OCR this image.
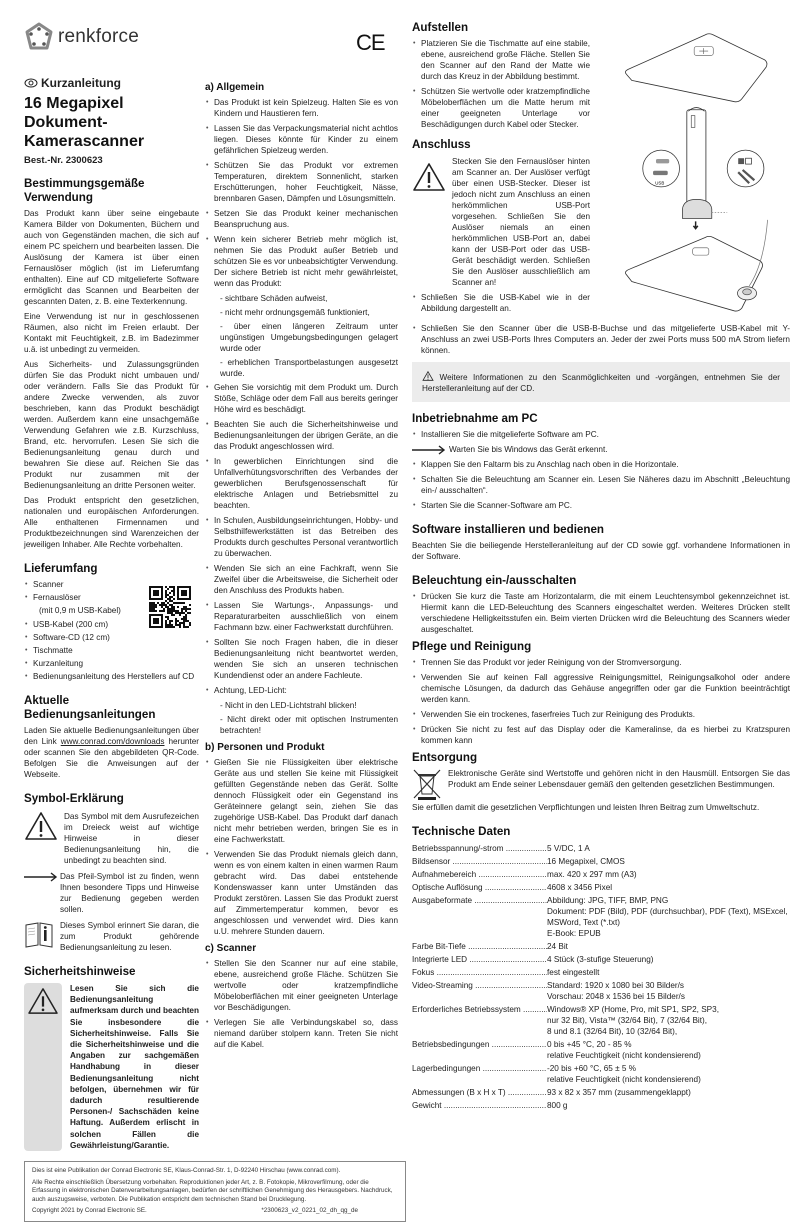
renkforce	CE
Kurzanleitung
16 Megapixel Dokument-Kamerascanner
Best.-Nr. 2300623
Bestimmungsgemäße Verwendung

Das Produkt kann über seine eingebaute Kamera Bilder von Dokumenten, Büchern und auch von Gegenständen machen, die sich auf einem PC speichern und bearbeiten lassen. Die Auslösung der Kamera ist über einen Fernauslöser möglich (ist im Lieferumfang enthalten). Eine auf CD mitgelieferte Software ermöglicht das Scannen und Bearbeiten der gescannten Daten, z. B. eine Texterkennung.

Eine Verwendung ist nur in geschlossenen Räumen, also nicht im Freien erlaubt. Der Kontakt mit Feuchtigkeit, z.B. im Badezimmer u.ä. ist unbedingt zu vermeiden.

Aus Sicherheits- und Zulassungsgründen dürfen Sie das Produkt nicht umbauen und/ oder verändern. Falls Sie das Produkt für andere Zwecke verwenden, als zuvor beschrieben, kann das Produkt beschädigt werden. Außerdem kann eine unsachgemäße Verwendung Gefahren wie z.B. Kurzschluss, Brand, etc. hervorrufen. Lesen Sie sich die Bedienungsanleitung genau durch und bewahren Sie diese auf. Reichen Sie das Produkt nur zusammen mit der Bedienungsanleitung an dritte Personen weiter.

Das Produkt entspricht den gesetzlichen, nationalen und europäischen Anforderungen. Alle enthaltenen Firmennamen und Produktbezeichnungen sind Warenzeichen der jeweiligen Inhaber. Alle Rechte vorbehalten.

Lieferumfang
• Scanner
• Fernauslöser
(mit 0,9 m USB-Kabel)
• USB-Kabel (200 cm)
• Software-CD (12 cm)
• Tischmatte
• Kurzanleitung
• Bedienungsanleitung des Herstellers auf CD
Aktuelle Bedienungsanleitungen

Laden Sie aktuelle Bedienungsanleitungen über den Link www.conrad.com/downloads herunter oder scannen Sie den abgebildeten QR-Code. Befolgen Sie die Anweisungen auf der Webseite.

Symbol-Erklärung

Das Symbol mit dem Ausrufezeichen im Dreieck weist auf wichtige Hinweise in dieser Bedienungsanleitung hin, die unbedingt zu beachten sind.

Das Pfeil-Symbol ist zu finden, wenn Ihnen besondere Tipps und Hinweise zur Bedienung gegeben werden sollen.

Dieses Symbol erinnert Sie daran, die zum Produkt gehörende Bedienungsanleitung zu lesen.

Sicherheitshinweise

Lesen Sie sich die Bedienungsanleitung aufmerksam durch und beachten Sie insbesondere die Sicherheitshinweise. Falls Sie die Sicherheitshinweise und die Angaben zur sachgemäßen Handhabung in dieser Bedienungsanleitung nicht befolgen, übernehmen wir für dadurch resultierende Personen-/ Sachschäden keine Haftung. Außerdem erlischt in solchen Fällen die Gewährleistung/Garantie.

a) Allgemein
• Das Produkt ist kein Spielzeug. Halten Sie es von Kindern und Haustieren fern.
• Lassen Sie das Verpackungsmaterial nicht achtlos liegen. Dieses könnte für Kinder zu einem gefährlichen Spielzeug werden.
• Schützen Sie das Produkt vor extremen Temperaturen, direktem Sonnenlicht, starken Erschütterungen, hoher Feuchtigkeit, Nässe, brennbaren Gasen, Dämpfen und Lösungsmitteln.
• Setzen Sie das Produkt keiner mechanischen Beanspruchung aus.
• Wenn kein sicherer Betrieb mehr möglich ist, nehmen Sie das Produkt außer Betrieb und schützen Sie es vor unbeabsichtigter Verwendung. Der sichere Betrieb ist nicht mehr gewährleistet, wenn das Produkt:
- sichtbare Schäden aufweist,
- nicht mehr ordnungsgemäß funktioniert,
- über einen längeren Zeitraum unter ungünstigen Umgebungsbedingungen gelagert wurde oder
- erheblichen Transportbelastungen ausgesetzt wurde.
• Gehen Sie vorsichtig mit dem Produkt um. Durch Stöße, Schläge oder dem Fall aus bereits geringer Höhe wird es beschädigt.
• Beachten Sie auch die Sicherheitshinweise und Bedienungsanleitungen der übrigen Geräte, an die das Produkt angeschlossen wird.
• In gewerblichen Einrichtungen sind die Unfallverhütungsvorschriften des Verbandes der gewerblichen Berufsgenossenschaft für elektrische Anlagen und Betriebsmittel zu beachten.
• In Schulen, Ausbildungseinrichtungen, Hobby- und Selbsthilfewerkstätten ist das Betreiben des Produkts durch geschultes Personal verantwortlich zu überwachen.
• Wenden Sie sich an eine Fachkraft, wenn Sie Zweifel über die Arbeitsweise, die Sicherheit oder den Anschluss des Produkts haben.
• Lassen Sie Wartungs-, Anpassungs- und Reparaturarbeiten ausschließlich von einem Fachmann bzw. einer Fachwerkstatt durchführen.
• Sollten Sie noch Fragen haben, die in dieser Bedienungsanleitung nicht beantwortet werden, wenden Sie sich an unseren technischen Kundendienst oder an andere Fachleute.
• Achtung, LED-Licht:
- Nicht in den LED-Lichtstrahl blicken!
- Nicht direkt oder mit optischen Instrumenten betrachten!
b) Personen und Produkt
• Gießen Sie nie Flüssigkeiten über elektrische Geräte aus und stellen Sie keine mit Flüssigkeit gefüllten Gegenstände neben das Gerät. Sollte dennoch Flüssigkeit oder ein Gegenstand ins Geräteinnere gelangt sein, ziehen Sie das zugehörige USB-Kabel. Das Produkt darf danach nicht mehr betrieben werden, bringen Sie es in eine Fachwerkstatt.
• Verwenden Sie das Produkt niemals gleich dann, wenn es von einem kalten in einen warmen Raum gebracht wird. Das dabei entstehende Kondenswasser kann unter Umständen das Produkt zerstören. Lassen Sie das Produkt zuerst auf Zimmertemperatur kommen, bevor es angeschlossen und verwendet wird. Dies kann u.U. mehrere Stunden dauern.
c) Scanner
• Stellen Sie den Scanner nur auf eine stabile, ebene, ausreichend große Fläche. Schützen Sie wertvolle oder kratzempfindliche Möbeloberflächen mit einer geeigneten Unterlage vor Beschädigungen.
• Verlegen Sie alle Verbindungskabel so, dass niemand darüber stolpern kann. Treten Sie nicht auf die Kabel.
Dies ist eine Publikation der Conrad Electronic SE, Klaus-Conrad-Str. 1, D-92240 Hirschau (www.conrad.com).
Alle Rechte einschließlich Übersetzung vorbehalten. Reproduktionen jeder Art, z. B. Fotokopie, Mikroverfilmung, oder die Erfassung in elektronischen Datenverarbeitungsanlagen, bedürfen der schriftlichen Genehmigung des Herausgebers. Nachdruck, auch auszugsweise, verboten. Die Publikation entspricht dem technischen Stand bei Drucklegung.
Copyright 2021 by Conrad Electronic SE.	*2300623_v2_0221_02_dh_qg_de
Aufstellen
• Platzieren Sie die Tischmatte auf eine stabile, ebene, ausreichend große Fläche. Stellen Sie den Scanner auf den Rand der Matte wie durch das Kreuz in der Abbildung bestimmt.
• Schützen Sie wertvolle oder kratzempfindliche Möbeloberflächen um die Matte herum mit einer geeigneten Unterlage vor Beschädigungen durch Kabel oder Stecker.
Anschluss

Stecken Sie den Fernauslöser hinten am Scanner an. Der Auslöser verfügt über einen USB-Stecker. Dieser ist jedoch nicht zum Anschluss an einen herkömmlichen USB-Port vorgesehen. Schließen Sie den Auslöser niemals an einen herkömmlichen USB-Port an, dabei kann der USB-Port oder das USB-Gerät beschädigt werden. Schließen Sie den Auslöser ausschließlich am Scanner an!

• Schließen Sie die USB-Kabel wie in der Abbildung dargestellt an.
USB
• Schließen Sie den Scanner über die USB-B-Buchse und das mitgelieferte USB-Kabel mit Y-Anschluss an zwei USB-Ports Ihres Computers an. Jeder der zwei Ports muss 500 mA Strom liefern können.

Weitere Informationen zu den Scanmöglichkeiten und -vorgängen, entnehmen Sie der Herstelleranleitung auf der CD.

Inbetriebnahme am PC
• Installieren Sie die mitgelieferte Software am PC.
Warten Sie bis Windows das Gerät erkennt.
• Klappen Sie den Faltarm bis zu Anschlag nach oben in die Horizontale.
• Schalten Sie die Beleuchtung am Scanner ein. Lesen Sie Näheres dazu im Abschnitt „Beleuchtung ein-/ ausschalten“.
• Starten Sie die Scanner-Software am PC.
Software installieren und bedienen

Beachten Sie die beiliegende Herstelleranleitung auf der CD sowie ggf. vorhandene Informationen in der Software.

Beleuchtung ein-/ausschalten
• Drücken Sie kurz die Taste am Horizontalarm, die mit einem Leuchtensymbol gekennzeichnet ist. Hiermit kann die LED-Beleuchtung des Scanners eingeschaltet werden. Weiteres Drücken stellt verschiedene Helligkeitsstufen ein. Beim vierten Drücken wird die Beleuchtung des Scanners wieder ausgeschaltet.
Pflege und Reinigung
• Trennen Sie das Produkt vor jeder Reinigung von der Stromversorgung.
• Verwenden Sie auf keinen Fall aggressive Reinigungsmittel, Reinigungsalkohol oder andere chemische Lösungen, da dadurch das Gehäuse angegriffen oder gar die Funktion beeinträchtigt werden kann.
• Verwenden Sie ein trockenes, faserfreies Tuch zur Reinigung des Produkts.
• Drücken Sie nicht zu fest auf das Display oder die Kameralinse, da es hierbei zu Kratzspuren kommen kann
Entsorgung

Elektronische Geräte sind Wertstoffe und gehören nicht in den Hausmüll. Entsorgen Sie das Produkt am Ende seiner Lebensdauer gemäß den geltenden gesetzlichen Bestimmungen.

Sie erfüllen damit die gesetzlichen Verpflichtungen und leisten Ihren Beitrag zum Umweltschutz.

Technische Daten
Betriebsspannung/-strom .....	5 V/DC, 1 A
Bildsensor .....	16 Megapixel, CMOS
Aufnahmebereich .....	max. 420 x 297 mm (A3)
Optische Auflösung .....	4608 x 3456 Pixel
Ausgabeformate .....	Abbildung: JPG, TIFF, BMP, PNG
Dokument: PDF (Bild), PDF (durchsuchbar), PDF (Text), MSExcel, MSWord, Text (*.txt)
E-Book: EPUB
Farbe Bit-Tiefe .....	24 Bit
Integrierte LED .....	4 Stück (3-stufige Steuerung)
Fokus .....	fest eingestellt
Video-Streaming .....	Standard: 1920 x 1080 bei 30 Bilder/s
Vorschau: 2048 x 1536 bei 15 Bilder/s
Erforderliches Betriebssystem .....	Windows® XP (Home, Pro, mit SP1, SP2, SP3,
nur 32 Bit), Vista™ (32/64 Bit), 7 (32/64 Bit),
8 und 8.1 (32/64 Bit), 10 (32/64 Bit),
Betriebsbedingungen .....	0 bis +45 °C, 20 - 85 %
relative Feuchtigkeit (nicht kondensierend)
Lagerbedingungen .....	-20 bis +60 °C, 65 ± 5 %
relative Feuchtigkeit (nicht kondensierend)
Abmessungen (B x H x T) .....	93 x 82 x 357 mm (zusammengeklappt)
Gewicht .....	800 g
